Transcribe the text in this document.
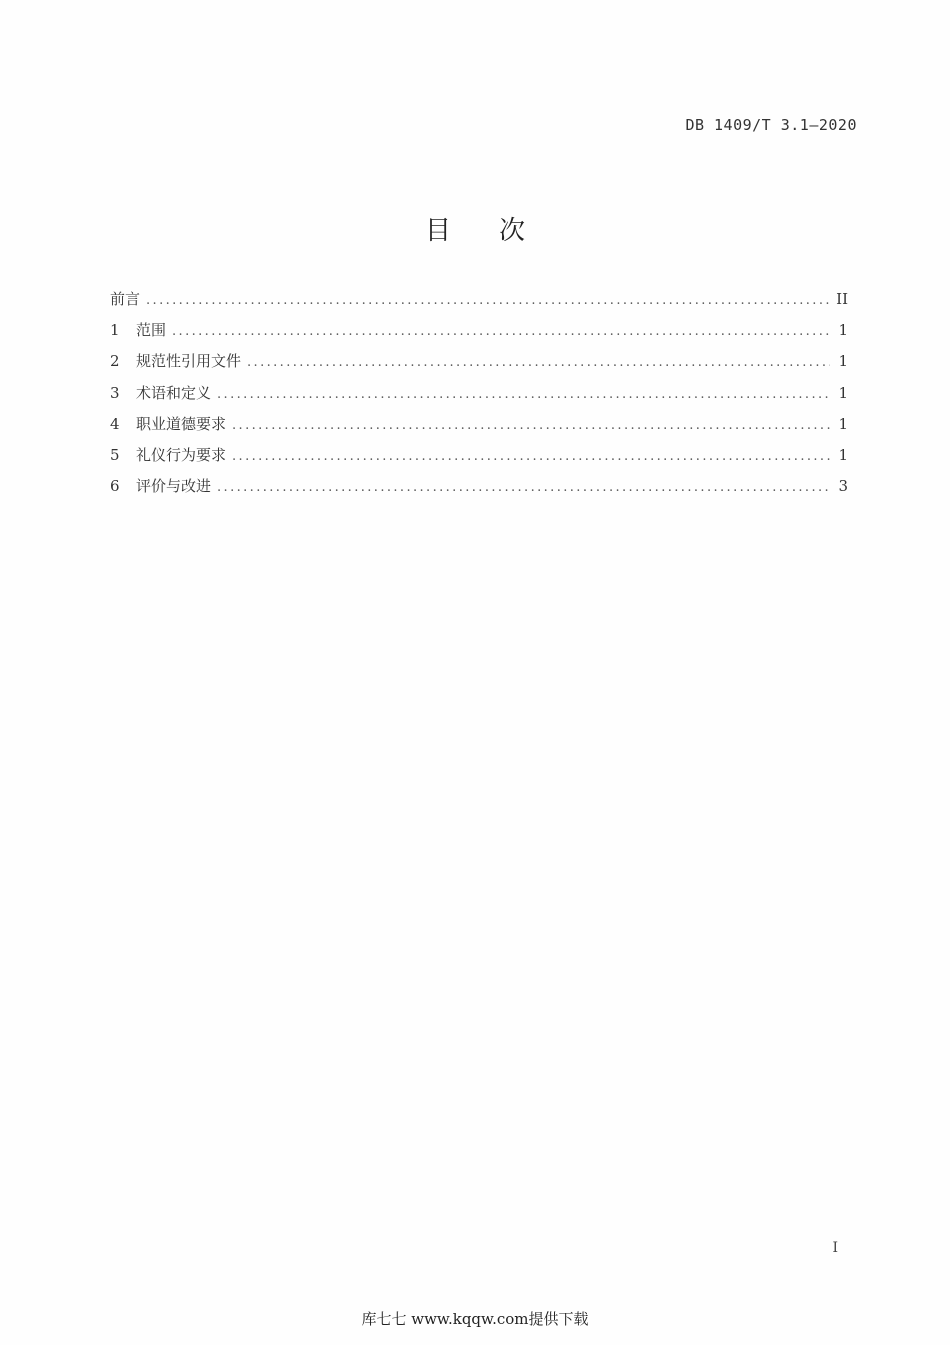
DB 1409/T 3.1—2020
目 次
前言 .....	II
1	范围 .....	1
2	规范性引用文件 .....	1
3	术语和定义 .....	1
4	职业道德要求 .....	1
5	礼仪行为要求 .....	1
6	评价与改进 .....	3
I
库七七 www.kqqw.com提供下载
